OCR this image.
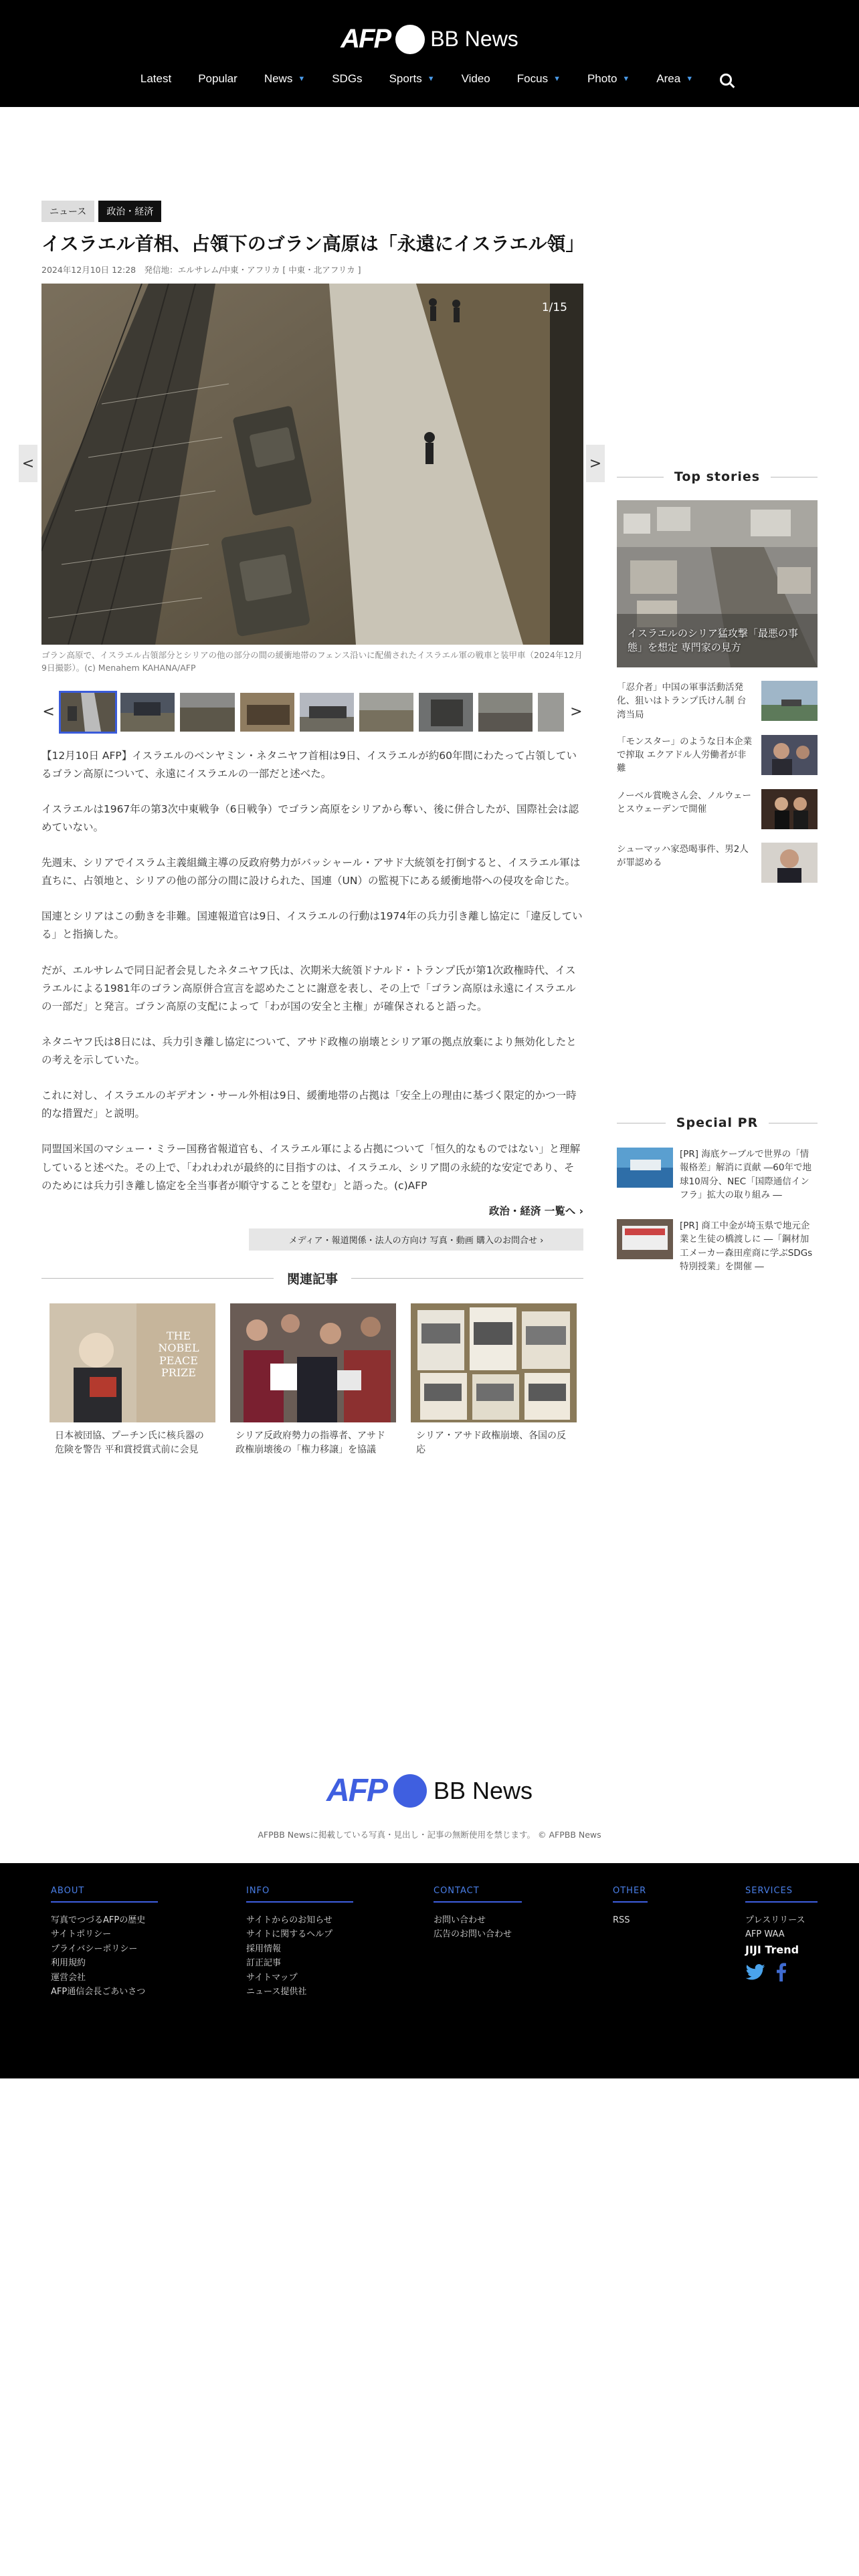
AFP BB News
Latest Popular News ▼ SDGs Sports ▼ Video Focus ▼ Photo ▼ Area ▼
<	>
ニュース	政治・経済
イスラエル首相、占領下のゴラン高原は「永遠にイスラエル領」
2024年12月10日 12:28　発信地：エルサレム/中東・アフリカ [ 中東・北アフリカ ]
1/15
ゴラン高原で、イスラエル占領部分とシリアの他の部分の間の緩衝地帯のフェンス沿いに配備されたイスラエル軍の戦車と装甲車（2024年12月9日撮影）。(c) Menahem KAHANA/AFP
<	>

【12月10日 AFP】イスラエルのベンヤミン・ネタニヤフ首相は9日、イスラエルが約60年間にわたって占領しているゴラン高原について、永遠にイスラエルの一部だと述べた。

イスラエルは1967年の第3次中東戦争（6日戦争）でゴラン高原をシリアから奪い、後に併合したが、国際社会は認めていない。

先週末、シリアでイスラム主義組織主導の反政府勢力がバッシャール・アサド大統領を打倒すると、イスラエル軍は直ちに、占領地と、シリアの他の部分の間に設けられた、国連（UN）の監視下にある緩衝地帯への侵攻を命じた。

国連とシリアはこの動きを非難。国連報道官は9日、イスラエルの行動は1974年の兵力引き離し協定に「違反している」と指摘した。

だが、エルサレムで同日記者会見したネタニヤフ氏は、次期米大統領ドナルド・トランプ氏が第1次政権時代、イスラエルによる1981年のゴラン高原併合宣言を認めたことに謝意を表し、その上で「ゴラン高原は永遠にイスラエルの一部だ」と発言。ゴラン高原の支配によって「わが国の安全と主権」が確保されると語った。

ネタニヤフ氏は8日には、兵力引き離し協定について、アサド政権の崩壊とシリア軍の拠点放棄により無効化したとの考えを示していた。

これに対し、イスラエルのギデオン・サール外相は9日、緩衝地帯の占拠は「安全上の理由に基づく限定的かつ一時的な措置だ」と説明。

同盟国米国のマシュー・ミラー国務省報道官も、イスラエル軍による占拠について「恒久的なものではない」と理解していると述べた。その上で、「われわれが最終的に目指すのは、イスラエル、シリア間の永続的な安定であり、そのためには兵力引き離し協定を全当事者が順守することを望む」と語った。(c)AFP

政治・経済 一覧へ ›
メディア・報道関係・法人の方向け 写真・動画 購入のお問合せ ›
関連記事
THE NOBEL PEACE PRIZE
日本被団協、プーチン氏に核兵器の危険を警告 平和賞授賞式前に会見
シリア反政府勢力の指導者、アサド政権崩壊後の「権力移譲」を協議
シリア・アサド政権崩壊、各国の反応
Top stories
イスラエルのシリア猛攻撃「最悪の事態」を想定 専門家の見方
「忍介者」中国の軍事活動活発化、狙いはトランプ氏けん制 台湾当局
「モンスター」のような日本企業で搾取 エクアドル人労働者が非難
ノーベル賞晩さん会、ノルウェーとスウェーデンで開催
シューマッハ家恐喝事件、男2人が罪認める
Special PR
[PR] 海底ケーブルで世界の「情報格差」解消に貢献 ―60年で地球10周分、NEC「国際通信インフラ」拡大の取り組み ―
[PR] 商工中金が埼玉県で地元企業と生徒の橋渡しに ―「鋼材加工メーカー森田産商に学ぶSDGs特別授業」を開催 ―
AFP BB News
AFPBB Newsに掲載している写真・見出し・記事の無断使用を禁じます。 © AFPBB News
ABOUT
写真でつづるAFPの歴史
サイトポリシー
プライバシーポリシー
利用規約
運営会社
AFP通信会長ごあいさつ
INFO
サイトからのお知らせ
サイトに関するヘルプ
採用情報
訂正記事
サイトマップ
ニュース提供社
CONTACT
お問い合わせ
広告のお問い合わせ
OTHER
RSS
SERVICES
プレスリリース
AFP WAA
JIJI Trend
